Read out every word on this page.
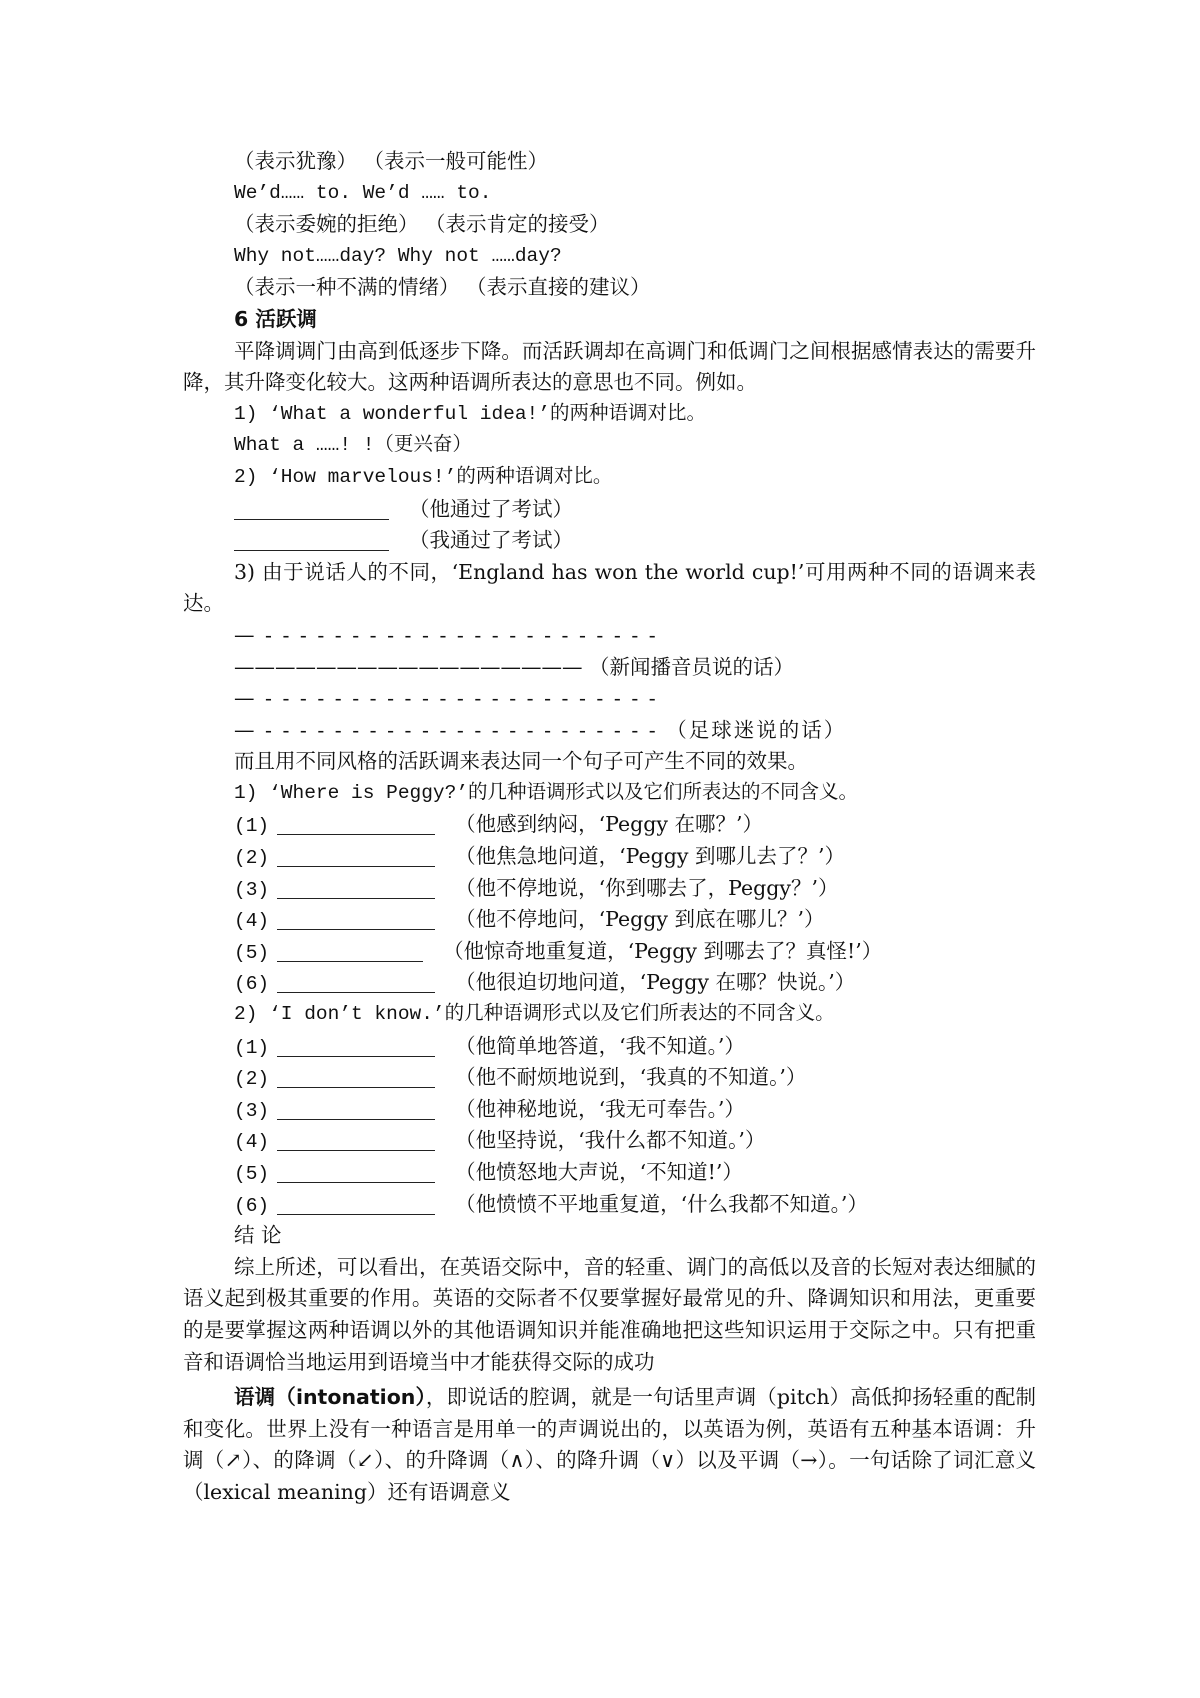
（表示犹豫） （表示一般可能性）
We’d…… to. We’d …… to.
（表示委婉的拒绝） （表示肯定的接受）
Why not……day? Why not ……day?
（表示一种不满的情绪） （表示直接的建议）
6 活跃调
平降调调门由高到低逐步下降。而活跃调却在高调门和低调门之间根据感情表达的需要升降，其升降变化较大。这两种语调所表达的意思也不同。例如。
1) ‘What a wonderful idea!’的两种语调对比。
What a ……! !（更兴奋）
2) ‘How marvelous!’的两种语调对比。
（他通过了考试）
（我通过了考试）
3) 由于说话人的不同，‘England has won the world cup!’可用两种不同的语调来表达。
— - - - - - - - - - - - - - - - - - - - - - - -
————————————————— （新闻播音员说的话）
— - - - - - - - - - - - - - - - - - - - - - - -
— - - - - - - - - - - - - - - - - - - - - - - - （足球迷说的话）
而且用不同风格的活跃调来表达同一个句子可产生不同的效果。
1) ‘Where is Peggy?’的几种语调形式以及它们所表达的不同含义。
(1)	（他感到纳闷，‘Peggy 在哪？’）
(2)	（他焦急地问道，‘Peggy 到哪儿去了？’）
(3)	（他不停地说，‘你到哪去了，Peggy？’）
(4)	（他不停地问，‘Peggy 到底在哪儿？’）
(5)	（他惊奇地重复道，‘Peggy 到哪去了？真怪!’）
(6)	（他很迫切地问道，‘Peggy 在哪？快说。’）
2) ‘I don’t know.’的几种语调形式以及它们所表达的不同含义。
(1)	（他简单地答道，‘我不知道。’）
(2)	（他不耐烦地说到，‘我真的不知道。’）
(3)	（他神秘地说，‘我无可奉告。’）
(4)	（他坚持说，‘我什么都不知道。’）
(5)	（他愤怒地大声说，‘不知道!’）
(6)	（他愤愤不平地重复道，‘什么我都不知道。’）
结 论
综上所述，可以看出，在英语交际中，音的轻重、调门的高低以及音的长短对表达细腻的语义起到极其重要的作用。英语的交际者不仅要掌握好最常见的升、降调知识和用法，更重要的是要掌握这两种语调以外的其他语调知识并能准确地把这些知识运用于交际之中。只有把重音和语调恰当地运用到语境当中才能获得交际的成功
语调（intonation），即说话的腔调，就是一句话里声调（pitch）高低抑扬轻重的配制和变化。世界上没有一种语言是用单一的声调说出的，以英语为例，英语有五种基本语调：升调（↗）、的降调（↙）、的升降调（∧）、的降升调（∨）以及平调（→）。一句话除了词汇意义（lexical meaning）还有语调意义
